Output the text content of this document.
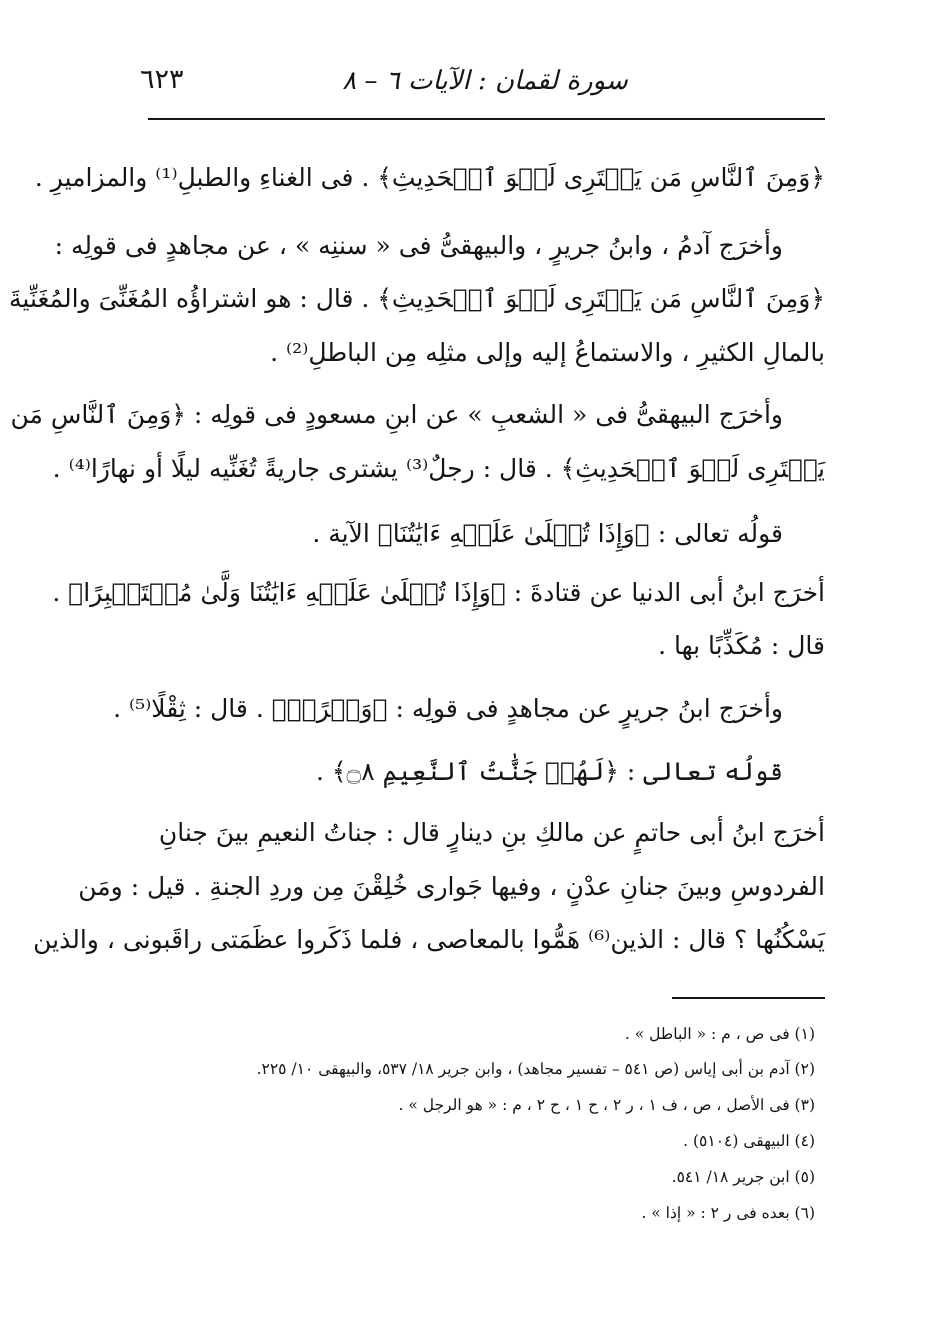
سورة لقمان : الآيات ٦ – ٨
٦٢٣
﴿وَمِنَ ٱلنَّاسِ مَن يَشۡتَرِى لَهۡوَ ٱلۡحَدِيثِ﴾ . فى الغناءِ والطبلِ⁽¹⁾ والمزاميرِ .
وأخرَج آدمُ ، وابنُ جريرٍ ، والبيهقىُّ فى « سننِه » ، عن مجاهدٍ فى قولِه :
﴿وَمِنَ ٱلنَّاسِ مَن يَشۡتَرِى لَهۡوَ ٱلۡحَدِيثِ﴾ . قال : هو اشتراؤُه المُغَنِّىَ والمُغَنِّيةَ
بالمالِ الكثيرِ ، والاستماعُ إليه وإلى مثلِه مِن الباطلِ⁽²⁾ .
وأخرَج البيهقىُّ فى « الشعبِ » عن ابنِ مسعودٍ فى قولِه : ﴿وَمِنَ ٱلنَّاسِ مَن
يَشۡتَرِى لَهۡوَ ٱلۡحَدِيثِ﴾ . قال : رجلٌ⁽³⁾ يشترى جاريةً تُغَنِّيه ليلًا أو نهارًا⁽⁴⁾ .
قولُه تعالى : ﴿وَإِذَا تُتۡلَىٰ عَلَيۡهِ ءَايَٰتُنَا﴾ الآية .
أخرَج ابنُ أبى الدنيا عن قتادةَ : ﴿وَإِذَا تُتۡلَىٰ عَلَيۡهِ ءَايَٰتُنَا وَلَّىٰ مُسۡتَكۡبِرًا﴾ .
قال : مُكَذِّبًا بها .
وأخرَج ابنُ جريرٍ عن مجاهدٍ فى قولِه : ﴿وَقۡرًاۖ﴾ . قال : ثِقْلًا⁽⁵⁾ .
قولُه تعالى : ﴿لَهُمۡ جَنَّٰتُ ٱلنَّعِيمِ ۝٨﴾ .
أخرَج ابنُ أبى حاتمٍ عن مالكِ بنِ دينارٍ قال : جناتُ النعيمِ بينَ جنانِ
الفردوسِ وبينَ جنانِ عدْنٍ ، وفيها جَوارى خُلِقْنَ مِن وردِ الجنةِ . قيل : ومَن
يَسْكُنُها ؟ قال : الذين⁽⁶⁾ هَمُّوا بالمعاصى ، فلما ذَكَروا عظَمَتى راقَبونى ، والذين
(١) فى ص ، م : « الباطل » .
(٢) آدم بن أبى إياس (ص ٥٤١ – تفسير مجاهد) ، وابن جرير ١٨/ ٥٣٧، والبيهقى ١٠/ ٢٢٥.
(٣) فى الأصل ، ص ، ف ١ ، ر ٢ ، ح ١ ، ح ٢ ، م : « هو الرجل » .
(٤) البيهقى (٥١٠٤) .
(٥) ابن جرير ١٨/ ٥٤١.
(٦) بعده فى ر ٢ : « إذا » .
